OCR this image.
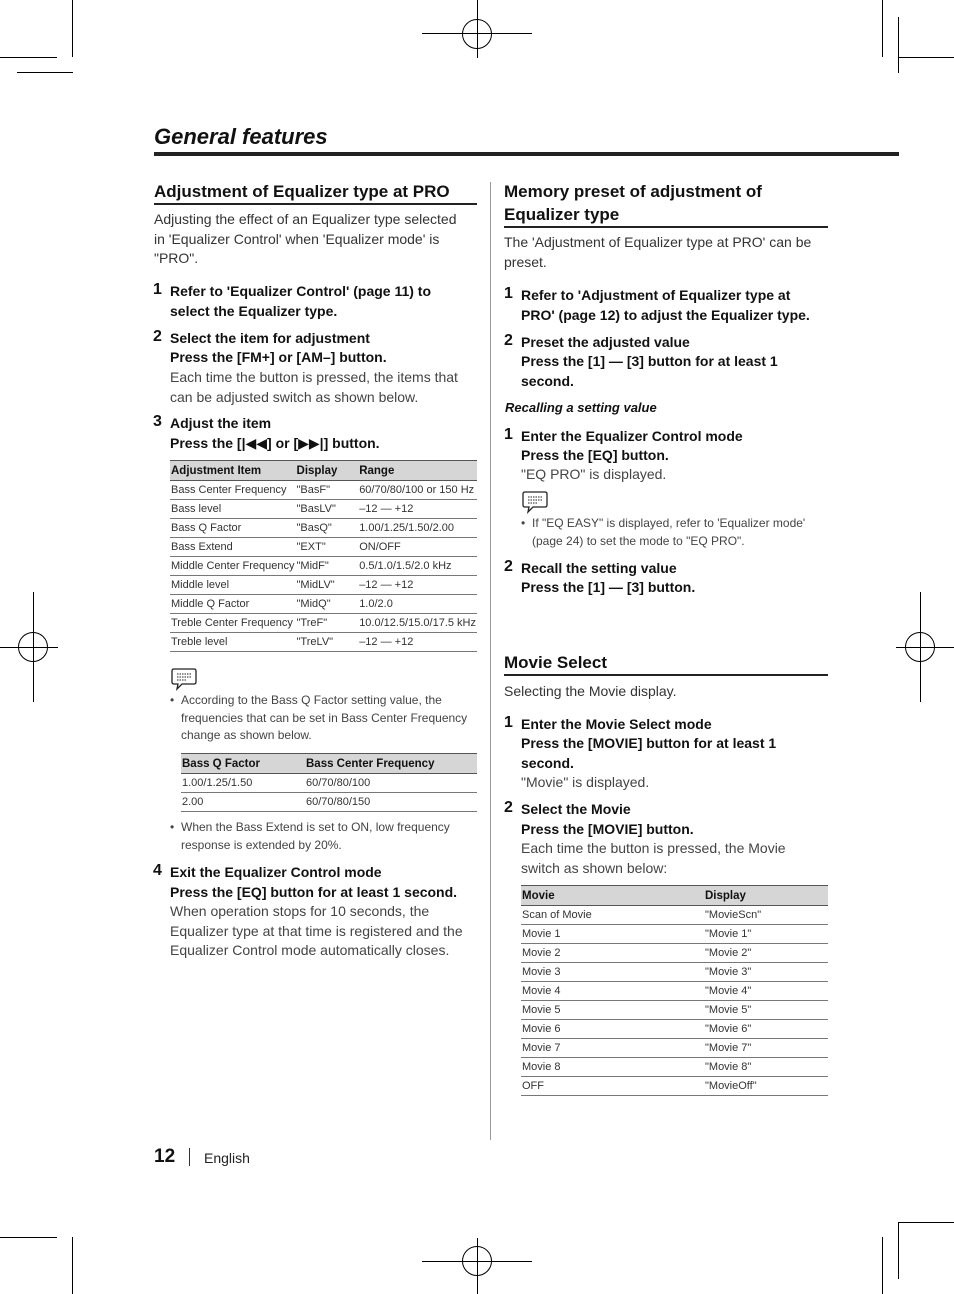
General features
Adjustment of Equalizer type at PRO
Adjusting the effect of an Equalizer type selected
in 'Equalizer Control' when 'Equalizer mode' is
"PRO".
1 Refer to 'Equalizer Control' (page 11) to
select the Equalizer type.
2 Select the item for adjustment
Press the [FM+] or [AM–] button.
Each time the button is pressed, the items that
can be adjusted switch as shown below.
3 Adjust the item
Press the [|◀◀] or [▶▶|] button.
Adjustment Item	Display	Range
Bass Center Frequency	"BasF"	60/70/80/100 or 150 Hz
Bass level	"BasLV"	–12 — +12
Bass Q Factor	"BasQ"	1.00/1.25/1.50/2.00
Bass Extend	"EXT"	ON/OFF
Middle Center Frequency	"MidF"	0.5/1.0/1.5/2.0 kHz
Middle level	"MidLV"	–12 — +12
Middle Q Factor	"MidQ"	1.0/2.0
Treble Center Frequency	"TreF"	10.0/12.5/15.0/17.5 kHz
Treble level	"TreLV"	–12 — +12
• According to the Bass Q Factor setting value, the
frequencies that can be set in Bass Center Frequency
change as shown below.
Bass Q Factor	Bass Center Frequency
1.00/1.25/1.50	60/70/80/100
2.00	60/70/80/150
• When the Bass Extend is set to ON, low frequency
response is extended by 20%.
4 Exit the Equalizer Control mode
Press the [EQ] button for at least 1 second.
When operation stops for 10 seconds, the
Equalizer type at that time is registered and the
Equalizer Control mode automatically closes.
Memory preset of adjustment of
Equalizer type
The 'Adjustment of Equalizer type at PRO' can be
preset.
1 Refer to 'Adjustment of Equalizer type at
PRO' (page 12) to adjust the Equalizer type.
2 Preset the adjusted value
Press the [1] — [3] button for at least 1
second.
Recalling a setting value
1 Enter the Equalizer Control mode
Press the [EQ] button.
"EQ PRO" is displayed.
• If "EQ EASY" is displayed, refer to 'Equalizer mode'
(page 24) to set the mode to "EQ PRO".
2 Recall the setting value
Press the [1] — [3] button.
Movie Select
Selecting the Movie display.
1 Enter the Movie Select mode
Press the [MOVIE] button for at least 1
second.
"Movie" is displayed.
2 Select the Movie
Press the [MOVIE] button.
Each time the button is pressed, the Movie
switch as shown below:
Movie	Display
Scan of Movie	"MovieScn"
Movie 1	"Movie 1"
Movie 2	"Movie 2"
Movie 3	"Movie 3"
Movie 4	"Movie 4"
Movie 5	"Movie 5"
Movie 6	"Movie 6"
Movie 7	"Movie 7"
Movie 8	"Movie 8"
OFF	"MovieOff"
12 English
